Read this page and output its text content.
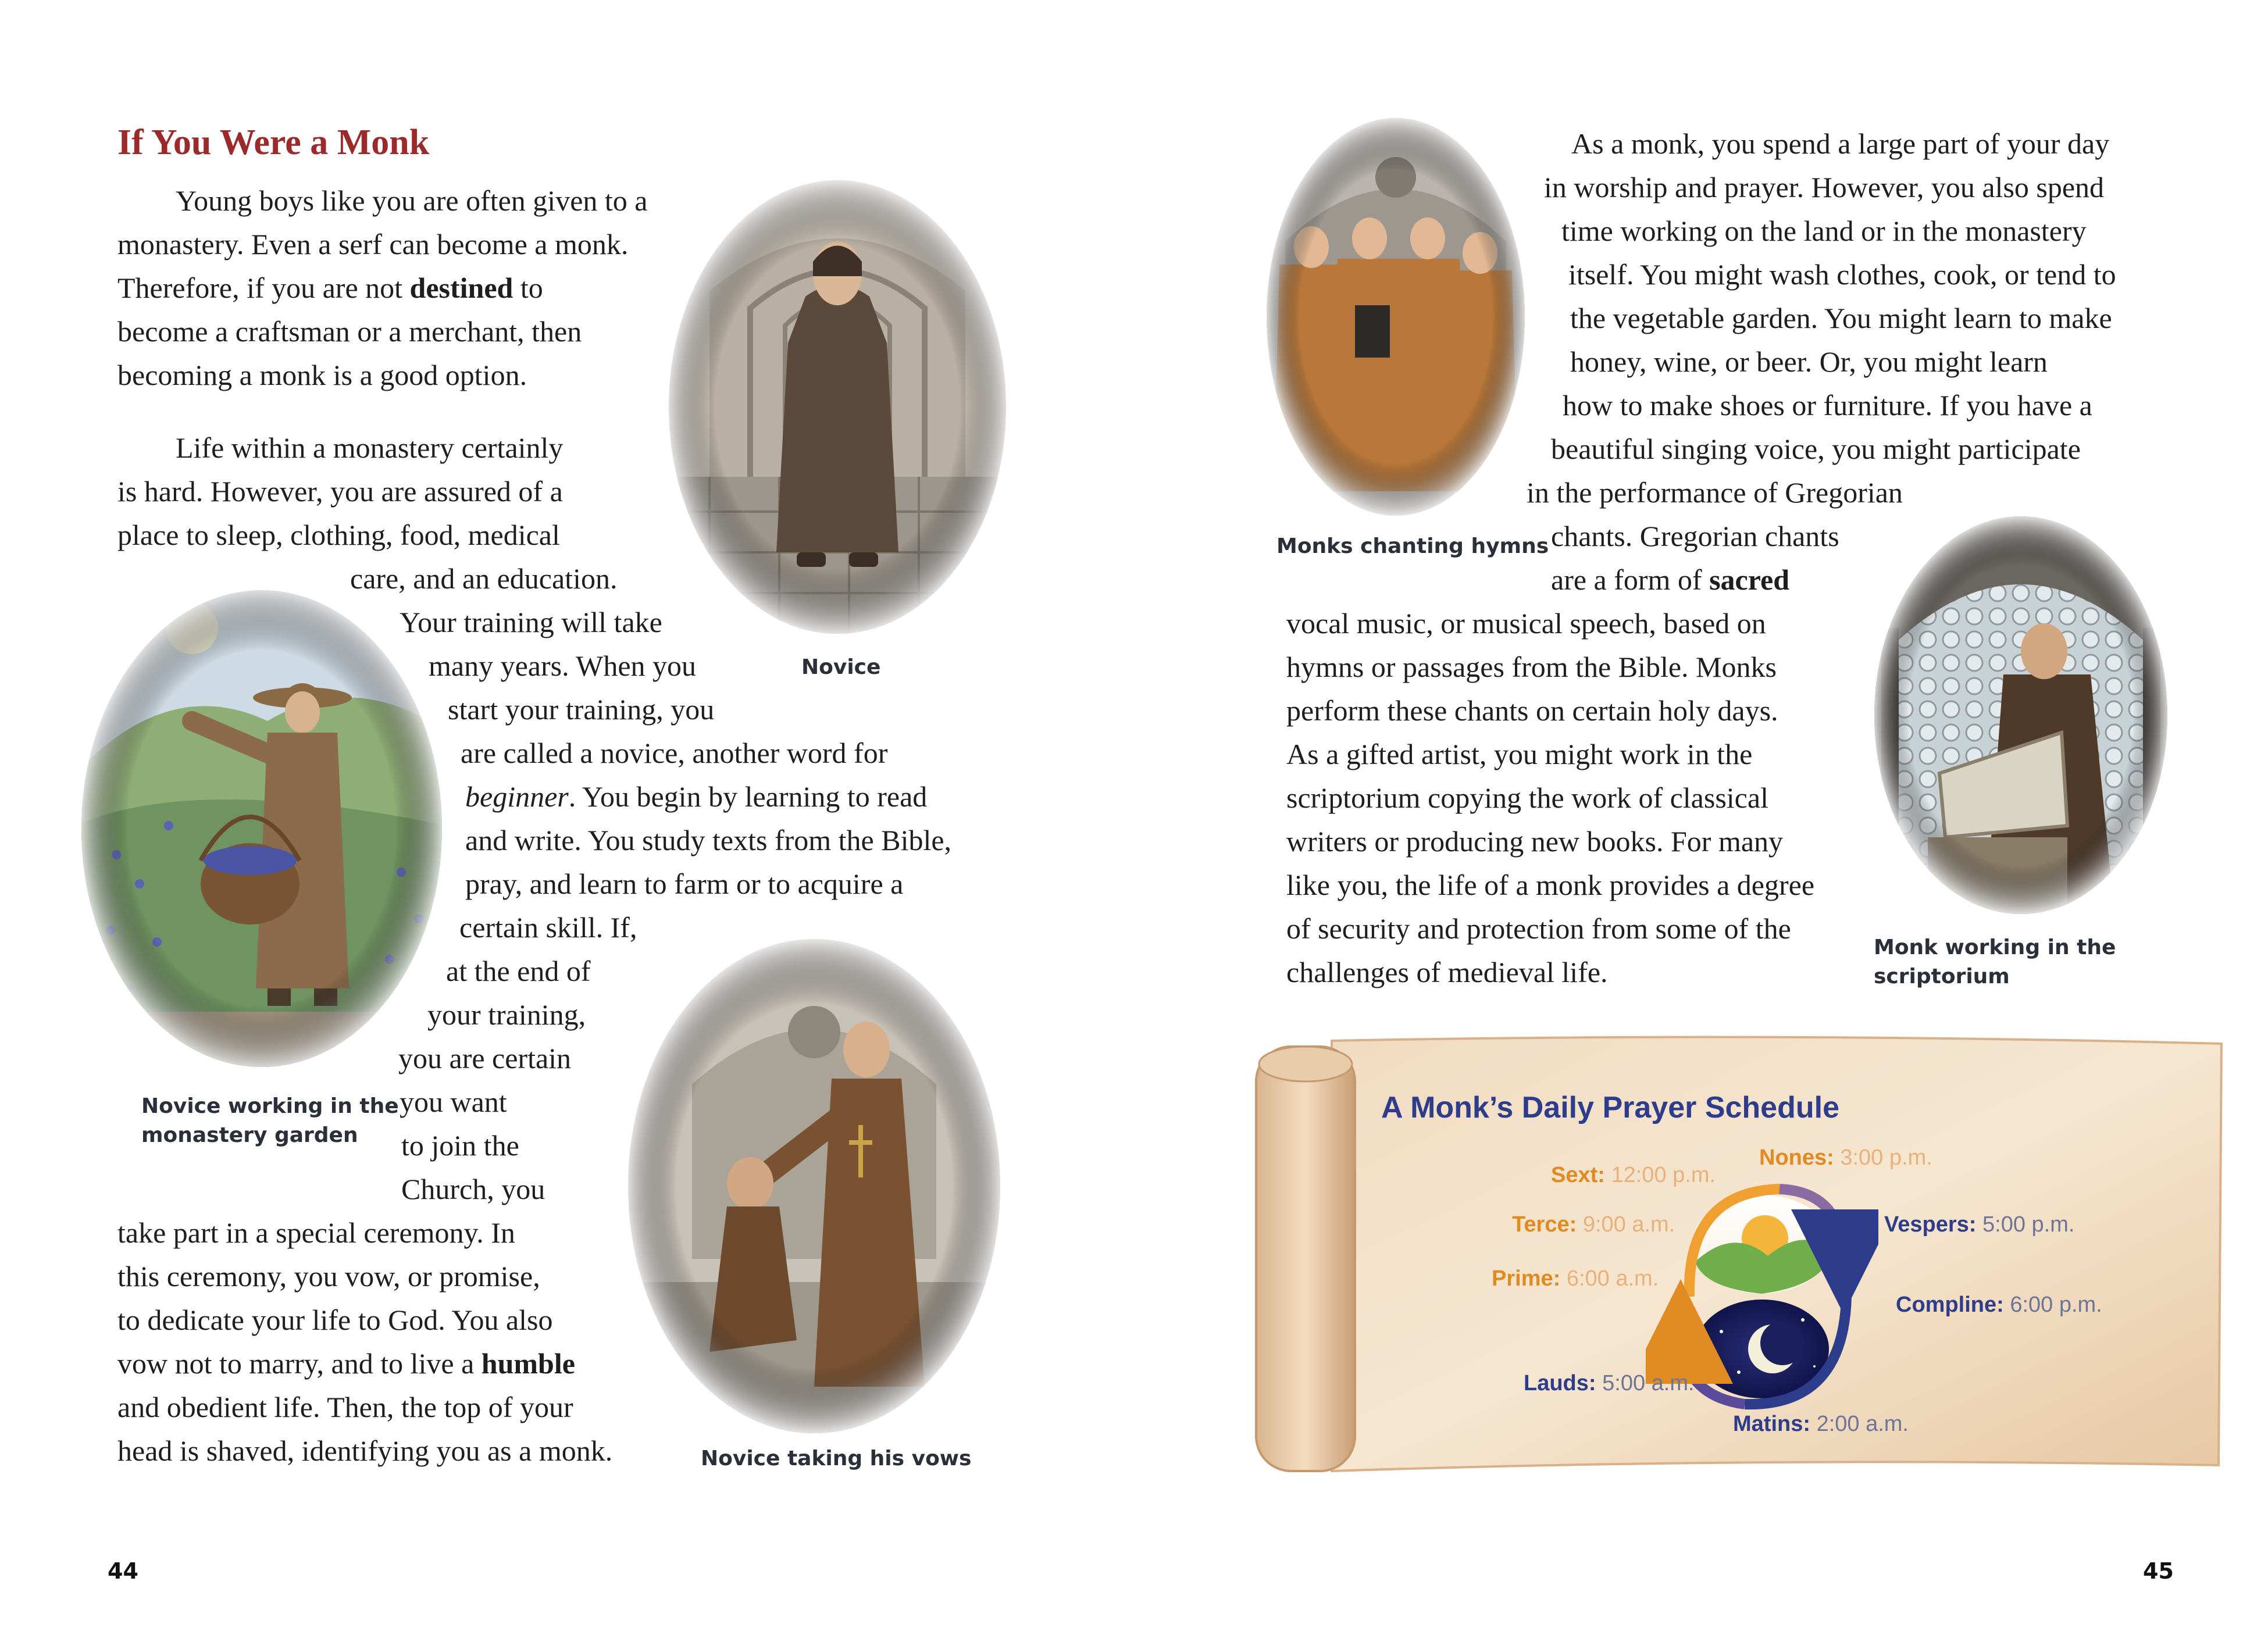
If You Were a Monk
Young boys like you are often given to a
monastery. Even a serf can become a monk.
Therefore, if you are not destined to
become a craftsman or a merchant, then
becoming a monk is a good option.
Life within a monastery certainly
is hard. However, you are assured of a
place to sleep, clothing, food, medical
care, and an education.
Your training will take
many years. When you
start your training, you
are called a novice, another word for
beginner. You begin by learning to read
and write. You study texts from the Bible,
pray, and learn to farm or to acquire a
certain skill. If,
at the end of
your training,
you are certain
you want
to join the
Church, you
take part in a special ceremony. In
this ceremony, you vow, or promise,
to dedicate your life to God. You also
vow not to marry, and to live a humble
and obedient life. Then, the top of your
head is shaved, identifying you as a monk.
Novice
Novice working in the
monastery garden
Novice taking his vows
44
Monks chanting hymns
As a monk, you spend a large part of your day
in worship and prayer. However, you also spend
time working on the land or in the monastery
itself. You might wash clothes, cook, or tend to
the vegetable garden. You might learn to make
honey, wine, or beer. Or, you might learn
how to make shoes or furniture. If you have a
beautiful singing voice, you might participate
in the performance of Gregorian
chants. Gregorian chants
are a form of sacred
vocal music, or musical speech, based on
hymns or passages from the Bible. Monks
perform these chants on certain holy days.
As a gifted artist, you might work in the
scriptorium copying the work of classical
writers or producing new books. For many
like you, the life of a monk provides a degree
of security and protection from some of the
challenges of medieval life.
Monk working in the
scriptorium
A Monk’s Daily Prayer Schedule
Sext: 12:00 p.m.
Nones: 3:00 p.m.
Terce: 9:00 a.m.	Vespers: 5:00 p.m.
Prime: 6:00 a.m.
Compline: 6:00 p.m.
Lauds: 5:00 a.m.
Matins: 2:00 a.m.
45
